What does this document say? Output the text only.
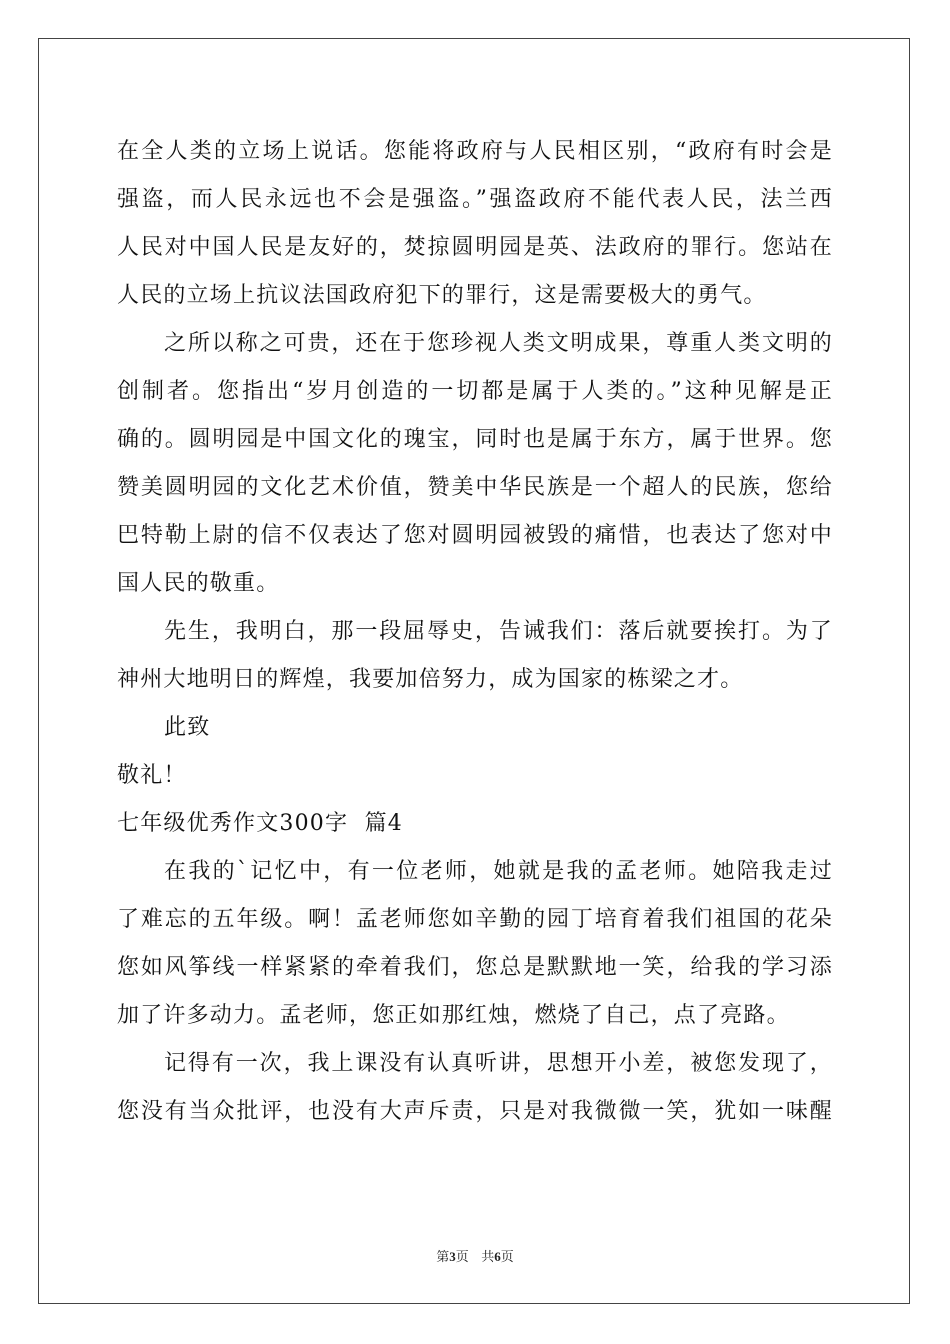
在全人类的立场上说话。您能将政府与人民相区别，“政府有时会是
强盗，而人民永远也不会是强盗。”强盗政府不能代表人民，法兰西
人民对中国人民是友好的，焚掠圆明园是英、法政府的罪行。您站在
人民的立场上抗议法国政府犯下的罪行，这是需要极大的勇气。
之所以称之可贵，还在于您珍视人类文明成果，尊重人类文明的
创制者。您指出“岁月创造的一切都是属于人类的。”这种见解是正
确的。圆明园是中国文化的瑰宝，同时也是属于东方，属于世界。您
赞美圆明园的文化艺术价值，赞美中华民族是一个超人的民族，您给
巴特勒上尉的信不仅表达了您对圆明园被毁的痛惜，也表达了您对中
国人民的敬重。
先生，我明白，那一段屈辱史，告诫我们：落后就要挨打。为了
神州大地明日的辉煌，我要加倍努力，成为国家的栋梁之才。
此致
敬礼！
七年级优秀作文300字  篇4
在我的`记忆中，有一位老师，她就是我的孟老师。她陪我走过
了难忘的五年级。啊！孟老师您如辛勤的园丁培育着我们祖国的花朵
您如风筝线一样紧紧的牵着我们，您总是默默地一笑，给我的学习添
加了许多动力。孟老师，您正如那红烛，燃烧了自己，点了亮路。
记得有一次，我上课没有认真听讲，思想开小差，被您发现了，
您没有当众批评，也没有大声斥责，只是对我微微一笑，犹如一味醒
第3页 共6页
